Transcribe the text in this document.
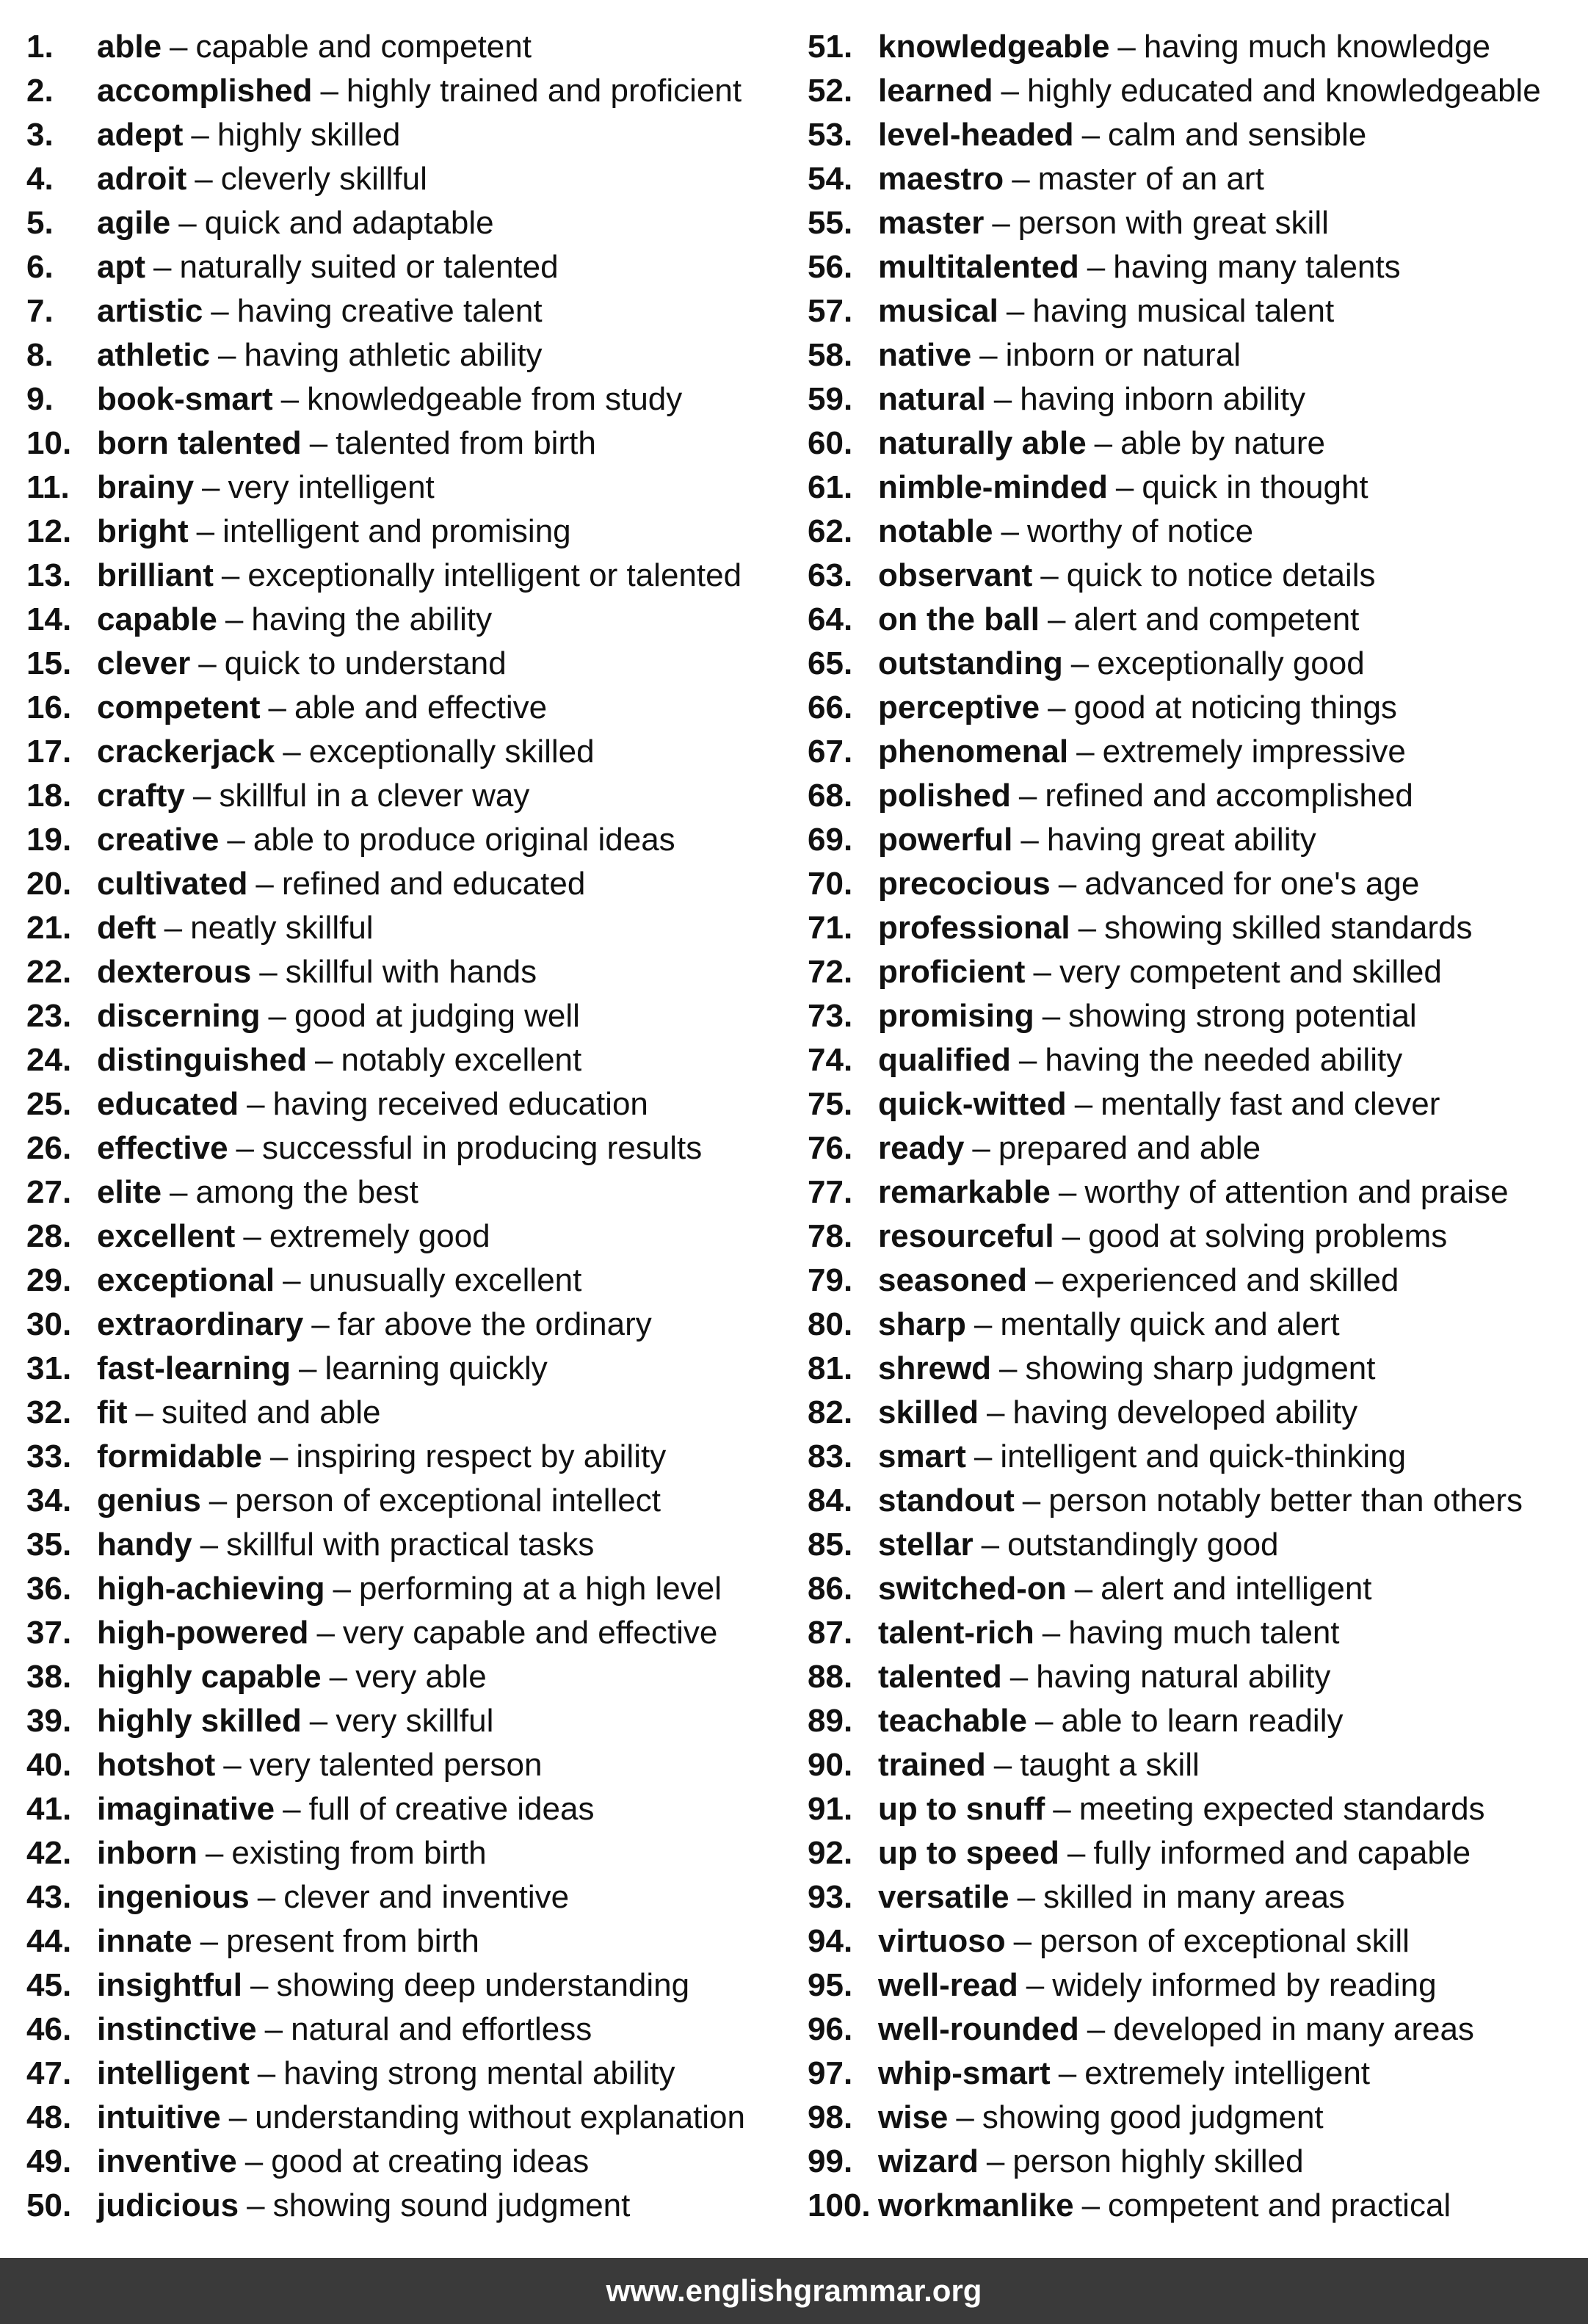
1.	able – capable and competent
2.	accomplished – highly trained and proficient
3.	adept – highly skilled
4.	adroit – cleverly skillful
5.	agile – quick and adaptable
6.	apt – naturally suited or talented
7.	artistic – having creative talent
8.	athletic – having athletic ability
9.	book-smart – knowledgeable from study
10. born talented – talented from birth
11. brainy – very intelligent
12. bright – intelligent and promising
13. brilliant – exceptionally intelligent or talented
14. capable – having the ability
15. clever – quick to understand
16. competent – able and effective
17. crackerjack – exceptionally skilled
18. crafty – skillful in a clever way
19. creative – able to produce original ideas
20. cultivated – refined and educated
21. deft – neatly skillful
22. dexterous – skillful with hands
23. discerning – good at judging well
24. distinguished – notably excellent
25. educated – having received education
26. effective – successful in producing results
27. elite – among the best
28. excellent – extremely good
29. exceptional – unusually excellent
30. extraordinary – far above the ordinary
31. fast-learning – learning quickly
32. fit – suited and able
33. formidable – inspiring respect by ability
34. genius – person of exceptional intellect
35. handy – skillful with practical tasks
36. high-achieving – performing at a high level
37. high-powered – very capable and effective
38. highly capable – very able
39. highly skilled – very skillful
40. hotshot – very talented person
41. imaginative – full of creative ideas
42. inborn – existing from birth
43. ingenious – clever and inventive
44. innate – present from birth
45. insightful – showing deep understanding
46. instinctive – natural and effortless
47. intelligent – having strong mental ability
48. intuitive – understanding without explanation
49. inventive – good at creating ideas
50. judicious – showing sound judgment
51. knowledgeable – having much knowledge
52. learned – highly educated and knowledgeable
53. level-headed – calm and sensible
54. maestro – master of an art
55. master – person with great skill
56. multitalented – having many talents
57. musical – having musical talent
58. native – inborn or natural
59. natural – having inborn ability
60. naturally able – able by nature
61. nimble-minded – quick in thought
62. notable – worthy of notice
63. observant – quick to notice details
64. on the ball – alert and competent
65. outstanding – exceptionally good
66. perceptive – good at noticing things
67. phenomenal – extremely impressive
68. polished – refined and accomplished
69. powerful – having great ability
70. precocious – advanced for one's age
71. professional – showing skilled standards
72. proficient – very competent and skilled
73. promising – showing strong potential
74. qualified – having the needed ability
75. quick-witted – mentally fast and clever
76. ready – prepared and able
77. remarkable – worthy of attention and praise
78. resourceful – good at solving problems
79. seasoned – experienced and skilled
80. sharp – mentally quick and alert
81. shrewd – showing sharp judgment
82. skilled – having developed ability
83. smart – intelligent and quick-thinking
84. standout – person notably better than others
85. stellar – outstandingly good
86. switched-on – alert and intelligent
87. talent-rich – having much talent
88. talented – having natural ability
89. teachable – able to learn readily
90. trained – taught a skill
91. up to snuff – meeting expected standards
92. up to speed – fully informed and capable
93. versatile – skilled in many areas
94. virtuoso – person of exceptional skill
95. well-read – widely informed by reading
96. well-rounded – developed in many areas
97. whip-smart – extremely intelligent
98. wise – showing good judgment
99. wizard – person highly skilled
100. workmanlike – competent and practical
www.englishgrammar.org
